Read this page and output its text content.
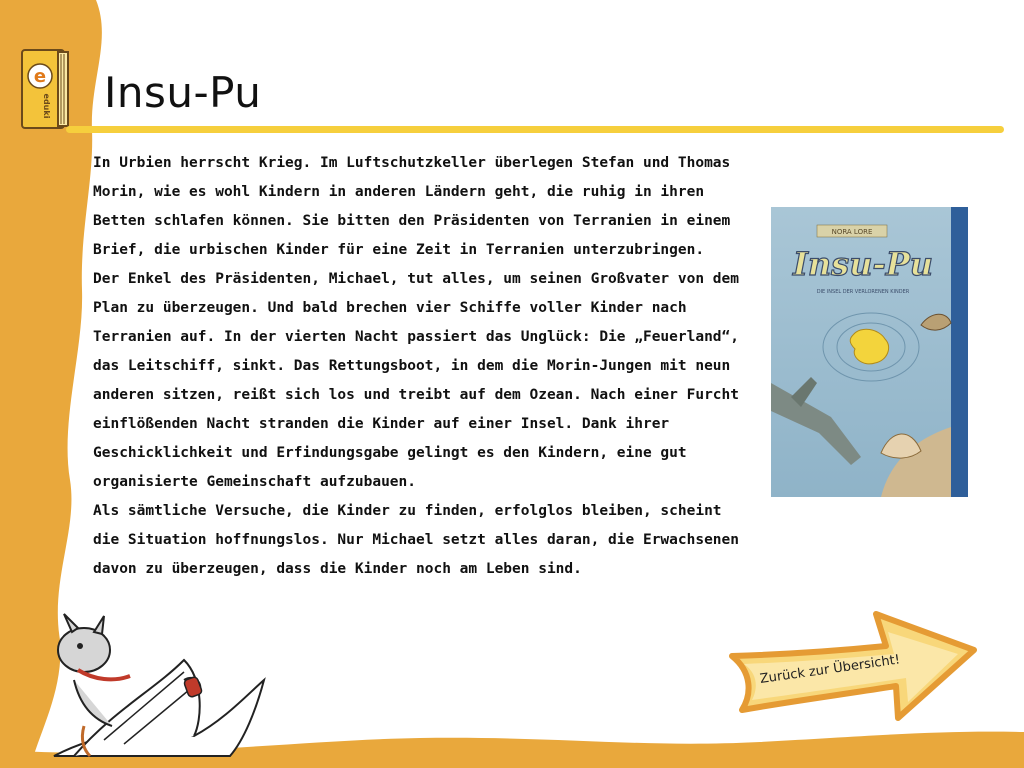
e
eduki Insu-Pu

In Urbien herrscht Krieg. Im Luftschutzkeller überlegen Stefan und Thomas Morin, wie es wohl Kindern in anderen Ländern geht, die ruhig in ihren Betten schlafen können. Sie bitten den Präsidenten von Terranien in einem Brief, die urbischen Kinder für eine Zeit in Terranien unterzubringen.

Der Enkel des Präsidenten, Michael, tut alles, um seinen Großvater von dem Plan zu überzeugen. Und bald brechen vier Schiffe voller Kinder nach Terranien auf. In der vierten Nacht passiert das Unglück: Die „Feuerland“, das Leitschiff, sinkt. Das Rettungsboot, in dem die Morin-Jungen mit neun anderen sitzen, reißt sich los und treibt auf dem Ozean. Nach einer Furcht einflößenden Nacht stranden die Kinder auf einer Insel. Dank ihrer Geschicklichkeit und Erfindungsgabe gelingt es den Kindern, eine gut organisierte Gemeinschaft aufzubauen.

Als sämtliche Versuche, die Kinder zu finden, erfolglos bleiben, scheint die Situation hoffnungslos. Nur Michael setzt alles daran, die Erwachsenen davon zu überzeugen, dass die Kinder noch am Leben sind.

NORA LORE
Insu-Pu
DIE INSEL DER VERLORENEN KINDER
Zurück zur Übersicht!
